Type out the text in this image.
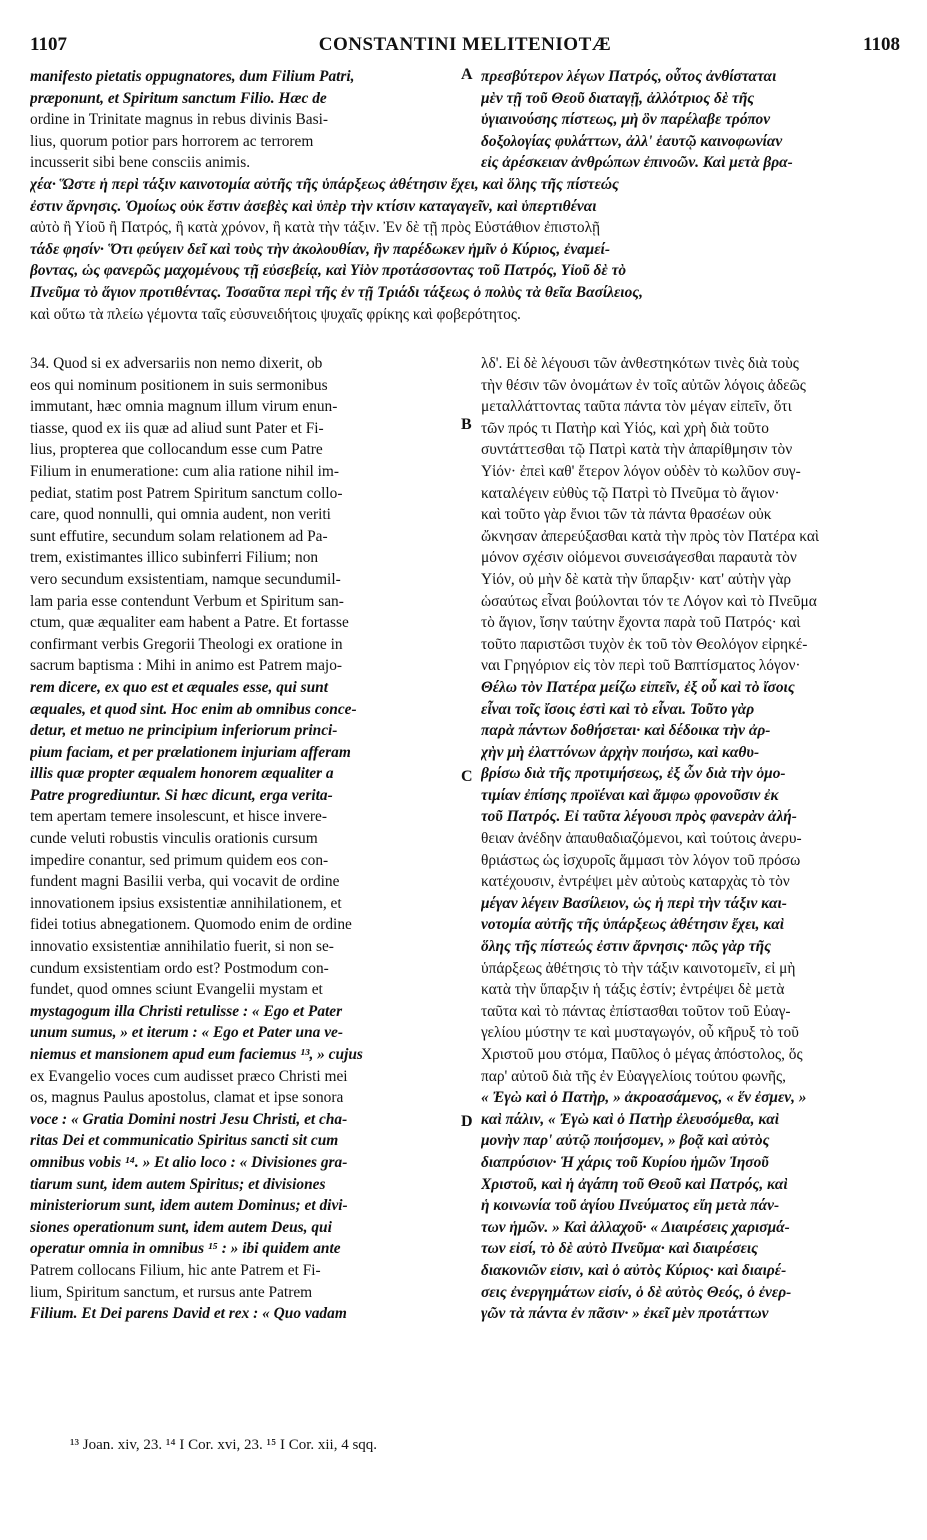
1107	CONSTANTINI MELITENIOTÆ	1108
manifesto pietatis oppugnatores, dum Filium Patri,
præponunt, et Spiritum sanctum Filio. Hæc de
ordine in Trinitate magnus in rebus divinis Basi-
lius, quorum potior pars horrorem ac terrorem
incusserit sibi bene consciis animis.
πρεσβύτερον λέγων Πατρός, οὗτος ἀνθίσταται
μὲν τῇ τοῦ Θεοῦ διαταγῇ, ἀλλότριος δὲ τῆς
ὑγιαινούσης πίστεως, μὴ ὃν παρέλαβε τρόπον
δοξολογίας φυλάττων, ἀλλ' ἑαυτῷ καινοφωνίαν
εἰς ἀρέσκειαν ἀνθρώπων ἐπινοῶν. Καὶ μετὰ βρα-
A
χέα· Ὥστε ἡ περὶ τάξιν καινοτομία αὐτῆς τῆς ὑπάρξεως ἀθέτησιν ἔχει, καὶ ὅλης τῆς πίστεώς
ἐστιν ἄρνησις. Ὁμοίως οὐκ ἔστιν ἀσεβὲς καὶ ὑπὲρ τὴν κτίσιν καταγαγεῖν, καὶ ὑπερτιθέναι
αὐτὸ ἢ Υἱοῦ ἢ Πατρός, ἢ κατὰ χρόνον, ἢ κατὰ τὴν τάξιν. Ἐν δὲ τῇ πρὸς Εὐστάθιον ἐπιστολῇ
τάδε φησίν· Ὅτι φεύγειν δεῖ καὶ τοὺς τὴν ἀκολουθίαν, ἣν παρέδωκεν ἡμῖν ὁ Κύριος, ἐναμεί-
βοντας, ὡς φανερῶς μαχομένους τῇ εὐσεβείᾳ, καὶ Υἱὸν προτάσσοντας τοῦ Πατρός, Υἱοῦ δὲ τὸ
Πνεῦμα τὸ ἅγιον προτιθέντας. Τοσαῦτα περὶ τῆς ἐν τῇ Τριάδι τάξεως ὁ πολὺς τὰ θεῖα Βασίλειος,
καὶ οὕτω τὰ πλείω γέμοντα ταῖς εὐσυνειδήτοις ψυχαῖς φρίκης καὶ φοβερότητος.
34. Quod si ex adversariis non nemo dixerit, ob
eos qui nominum positionem in suis sermonibus
immutant, hæc omnia magnum illum virum enun-
tiasse, quod ex iis quæ ad aliud sunt Pater et Fi-
lius, propterea que collocandum esse cum Patre
Filium in enumeratione: cum alia ratione nihil im-
pediat, statim post Patrem Spiritum sanctum collo-
care, quod nonnulli, qui omnia audent, non veriti
sunt effutire, secundum solam relationem ad Pa-
trem, existimantes illico subinferri Filium; non
vero secundum exsistentiam, namque secundumil-
lam paria esse contendunt Verbum et Spiritum san-
ctum, quæ æqualiter eam habent a Patre. Et fortasse
confirmant verbis Gregorii Theologi ex oratione in
sacrum baptisma : Mihi in animo est Patrem majo-
rem dicere, ex quo est et æquales esse, qui sunt
æquales, et quod sint. Hoc enim ab omnibus conce-
detur, et metuo ne principium inferiorum princi-
pium faciam, et per prælationem injuriam afferam
illis quæ propter æqualem honorem æqualiter a
Patre progrediuntur. Si hæc dicunt, erga verita-
tem apertam temere insolescunt, et hisce invere-
cunde veluti robustis vinculis orationis cursum
impedire conantur, sed primum quidem eos con-
fundent magni Basilii verba, qui vocavit de ordine
innovationem ipsius exsistentiæ annihilationem, et
fidei totius abnegationem. Quomodo enim de ordine
innovatio exsistentiæ annihilatio fuerit, si non se-
cundum exsistentiam ordo est? Postmodum con-
fundet, quod omnes sciunt Evangelii mystam et
mystagogum illa Christi retulisse : « Ego et Pater
unum sumus, » et iterum : « Ego et Pater una ve-
niemus et mansionem apud eum faciemus ¹³, » cujus
ex Evangelio voces cum audisset præco Christi mei
os, magnus Paulus apostolus, clamat et ipse sonora
voce : « Gratia Domini nostri Jesu Christi, et cha-
ritas Dei et communicatio Spiritus sancti sit cum
omnibus vobis ¹⁴. » Et alio loco : « Divisiones gra-
tiarum sunt, idem autem Spiritus; et divisiones
ministeriorum sunt, idem autem Dominus; et divi-
siones operationum sunt, idem autem Deus, qui
operatur omnia in omnibus ¹⁵ : » ibi quidem ante
Patrem collocans Filium, hic ante Patrem et Fi-
lium, Spiritum sanctum, et rursus ante Patrem
Filium. Et Dei parens David et rex : « Quo vadam
λδ'. Εἰ δὲ λέγουσι τῶν ἀνθεστηκότων τινὲς διὰ τοὺς
τὴν θέσιν τῶν ὀνομάτων ἐν τοῖς αὐτῶν λόγοις ἀδεῶς
μεταλλάττοντας ταῦτα πάντα τὸν μέγαν εἰπεῖν, ὅτι
τῶν πρός τι Πατὴρ καὶ Υἱός, καὶ χρὴ διὰ τοῦτο
συντάττεσθαι τῷ Πατρὶ κατὰ τὴν ἀπαρίθμησιν τὸν
Υἱόν· ἐπεὶ καθ' ἕτερον λόγον οὐδὲν τὸ κωλῦον συγ-
καταλέγειν εὐθὺς τῷ Πατρὶ τὸ Πνεῦμα τὸ ἅγιον·
καὶ τοῦτο γὰρ ἔνιοι τῶν τὰ πάντα θρασέων οὐκ
ὤκνησαν ἀπερεύξασθαι κατὰ τὴν πρὸς τὸν Πατέρα καὶ
μόνον σχέσιν οἰόμενοι συνεισάγεσθαι παραυτὰ τὸν
Υἱόν, οὐ μὴν δὲ κατὰ τὴν ὕπαρξιν· κατ' αὐτὴν γὰρ
ὡσαύτως εἶναι βούλονται τόν τε Λόγον καὶ τὸ Πνεῦμα
τὸ ἅγιον, ἴσην ταύτην ἔχοντα παρὰ τοῦ Πατρός· καὶ
τοῦτο παριστῶσι τυχὸν ἐκ τοῦ τὸν Θεολόγον εἰρηκέ-
ναι Γρηγόριον εἰς τὸν περὶ τοῦ Βαπτίσματος λόγον·
Θέλω τὸν Πατέρα μείζω εἰπεῖν, ἐξ οὗ καὶ τὸ ἴσοις
εἶναι τοῖς ἴσοις ἐστὶ καὶ τὸ εἶναι. Τοῦτο γὰρ
παρὰ πάντων δοθήσεται· καὶ δέδοικα τὴν ἀρ-
χὴν μὴ ἐλαττόνων ἀρχὴν ποιήσω, καὶ καθυ-
βρίσω διὰ τῆς προτιμήσεως, ἐξ ὧν διὰ τὴν ὁμο-
τιμίαν ἐπίσης προϊέναι καὶ ἄμφω φρονοῦσιν ἐκ
τοῦ Πατρός. Εἰ ταῦτα λέγουσι πρὸς φανερὰν ἀλή-
θειαν ἀνέδην ἀπαυθαδιαζόμενοι, καὶ τούτοις ἀνερυ-
θριάστως ὡς ἰσχυροῖς ἅμμασι τὸν λόγον τοῦ πρόσω
κατέχουσιν, ἐντρέψει μὲν αὐτοὺς καταρχὰς τὸ τὸν
μέγαν λέγειν Βασίλειον, ὡς ἡ περὶ τὴν τάξιν και-
νοτομία αὐτῆς τῆς ὑπάρξεως ἀθέτησιν ἔχει, καὶ
ὅλης τῆς πίστεώς ἐστιν ἄρνησις· πῶς γὰρ τῆς
ὑπάρξεως ἀθέτησις τὸ τὴν τάξιν καινοτομεῖν, εἰ μὴ
κατὰ τὴν ὕπαρξιν ἡ τάξις ἐστίν; ἐντρέψει δὲ μετὰ
ταῦτα καὶ τὸ πάντας ἐπίστασθαι τοῦτον τοῦ Εὐαγ-
γελίου μύστην τε καὶ μυσταγωγόν, οὗ κῆρυξ τὸ τοῦ
Χριστοῦ μου στόμα, Παῦλος ὁ μέγας ἀπόστολος, ὅς
παρ' αὐτοῦ διὰ τῆς ἐν Εὐαγγελίοις τούτου φωνῆς,
« Ἐγὼ καὶ ὁ Πατὴρ, » ἀκροασάμενος, « ἕν ἐσμεν, »
καὶ πάλιν, « Ἐγὼ καὶ ὁ Πατὴρ ἐλευσόμεθα, καὶ
μονὴν παρ' αὐτῷ ποιήσομεν, » βοᾷ καὶ αὐτὸς
διαπρύσιον· Ἡ χάρις τοῦ Κυρίου ἡμῶν Ἰησοῦ
Χριστοῦ, καὶ ἡ ἀγάπη τοῦ Θεοῦ καὶ Πατρός, καὶ
ἡ κοινωνία τοῦ ἁγίου Πνεύματος εἴη μετὰ πάν-
των ἡμῶν. » Καὶ ἀλλαχοῦ· « Διαιρέσεις χαρισμά-
των εἰσί, τὸ δὲ αὐτὸ Πνεῦμα· καὶ διαιρέσεις
διακονιῶν εἰσιν, καὶ ὁ αὐτὸς Κύριος· καὶ διαιρέ-
σεις ἐνεργημάτων εἰσίν, ὁ δὲ αὐτὸς Θεός, ὁ ἐνερ-
γῶν τὰ πάντα ἐν πᾶσιν· » ἐκεῖ μὲν προτάττων
B
C
D
¹³ Joan. xiv, 23. ¹⁴ I Cor. xvi, 23. ¹⁵ I Cor. xii, 4 sqq.
